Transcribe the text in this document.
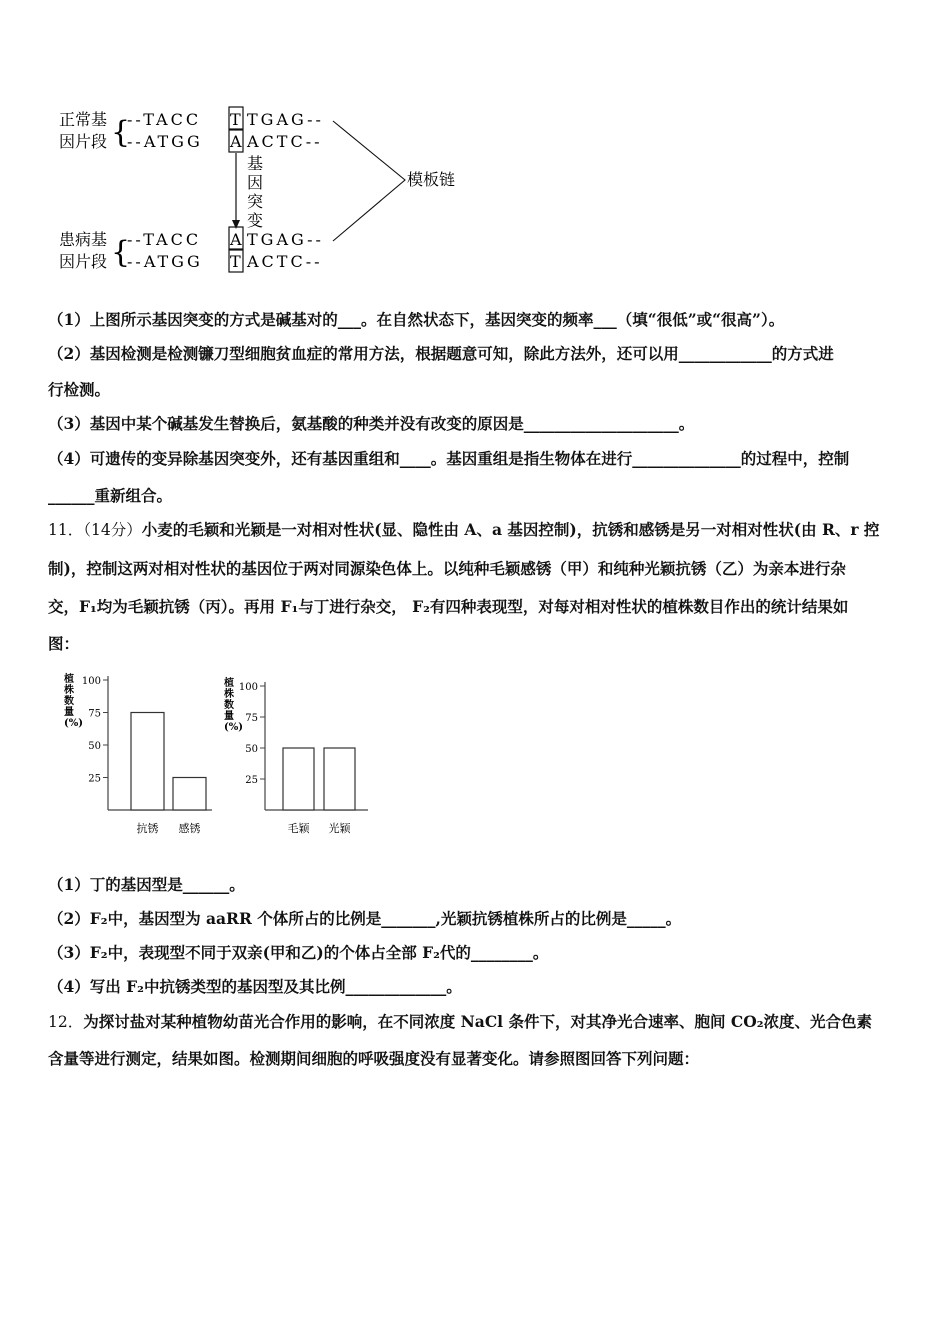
正常基
因片段 {
--TACC T TGAG--
--ATGG A ACTC--
基
因
突
变
模板链
患病基
因片段 {
--TACC A TGAG--
--ATGG T ACTC--
（1）上图所示基因突变的方式是碱基对的___。在自然状态下，基因突变的频率___（填“很低”或“很高”）。
（2）基因检测是检测镰刀型细胞贫血症的常用方法，根据题意可知，除此方法外，还可以用____________的方式进
行检测。
（3）基因中某个碱基发生替换后，氨基酸的种类并没有改变的原因是____________________。
（4）可遗传的变异除基因突变外，还有基因重组和____。基因重组是指生物体在进行______________的过程中，控制
______重新组合。
11．（14分）小麦的毛颖和光颖是一对相对性状(显、隐性由 A、a 基因控制)，抗锈和感锈是另一对相对性状(由 R、r 控
制)，控制这两对相对性状的基因位于两对同源染色体上。以纯种毛颖感锈（甲）和纯种光颖抗锈（乙）为亲本进行杂
交，F₁均为毛颖抗锈（丙）。再用 F₁与丁进行杂交， F₂有四种表现型，对每对相对性状的植株数目作出的统计结果如
图：
植
株
数
量
(%)
100
75
50
25
抗锈 感锈
植
株
数
量
(%)
100
75
50
25
毛颖 光颖
（1）丁的基因型是______。
（2）F₂中，基因型为 aaRR 个体所占的比例是_______,光颖抗锈植株所占的比例是_____。
（3）F₂中，表现型不同于双亲(甲和乙)的个体占全部 F₂代的________。
（4）写出 F₂中抗锈类型的基因型及其比例_____________。
12．为探讨盐对某种植物幼苗光合作用的影响，在不同浓度 NaCl 条件下，对其净光合速率、胞间 CO₂浓度、光合色素
含量等进行测定，结果如图。检测期间细胞的呼吸强度没有显著变化。请参照图回答下列问题：
